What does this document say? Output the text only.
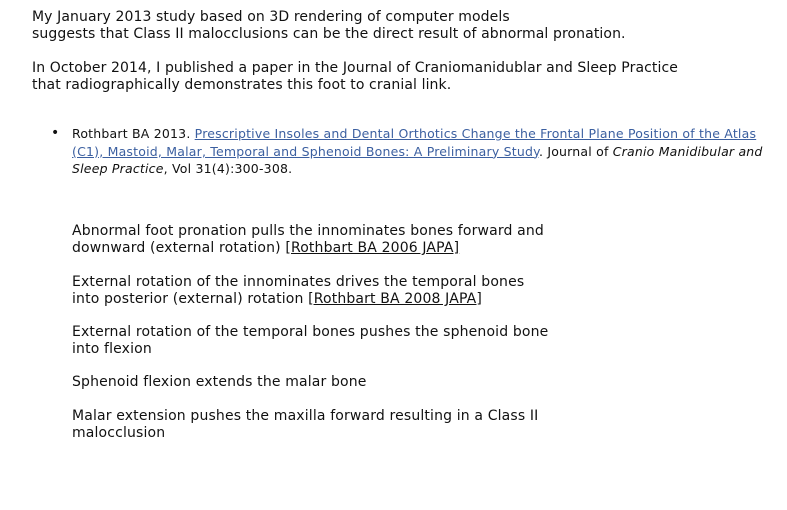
My January 2013 study based on 3D rendering of computer models
suggests that Class II malocclusions can be the direct result of abnormal pronation.
In October 2014, I published a paper in the Journal of Craniomanidublar and Sleep Practice
that radiographically demonstrates this foot to cranial link.
• Rothbart BA 2013. Prescriptive Insoles and Dental Orthotics Change the Frontal Plane Position of the Atlas (C1), Mastoid, Malar, Temporal and Sphenoid Bones: A Preliminary Study. Journal of Cranio Manidibular and Sleep Practice, Vol 31(4):300-308.
Abnormal foot pronation pulls the innominates bones forward and
downward (external rotation) [Rothbart BA 2006 JAPA]
External rotation of the innominates drives the temporal bones
into posterior (external) rotation [Rothbart BA 2008 JAPA]
External rotation of the temporal bones pushes the sphenoid bone
into flexion
Sphenoid flexion extends the malar bone
Malar extension pushes the maxilla forward resulting in a Class II
malocclusion
